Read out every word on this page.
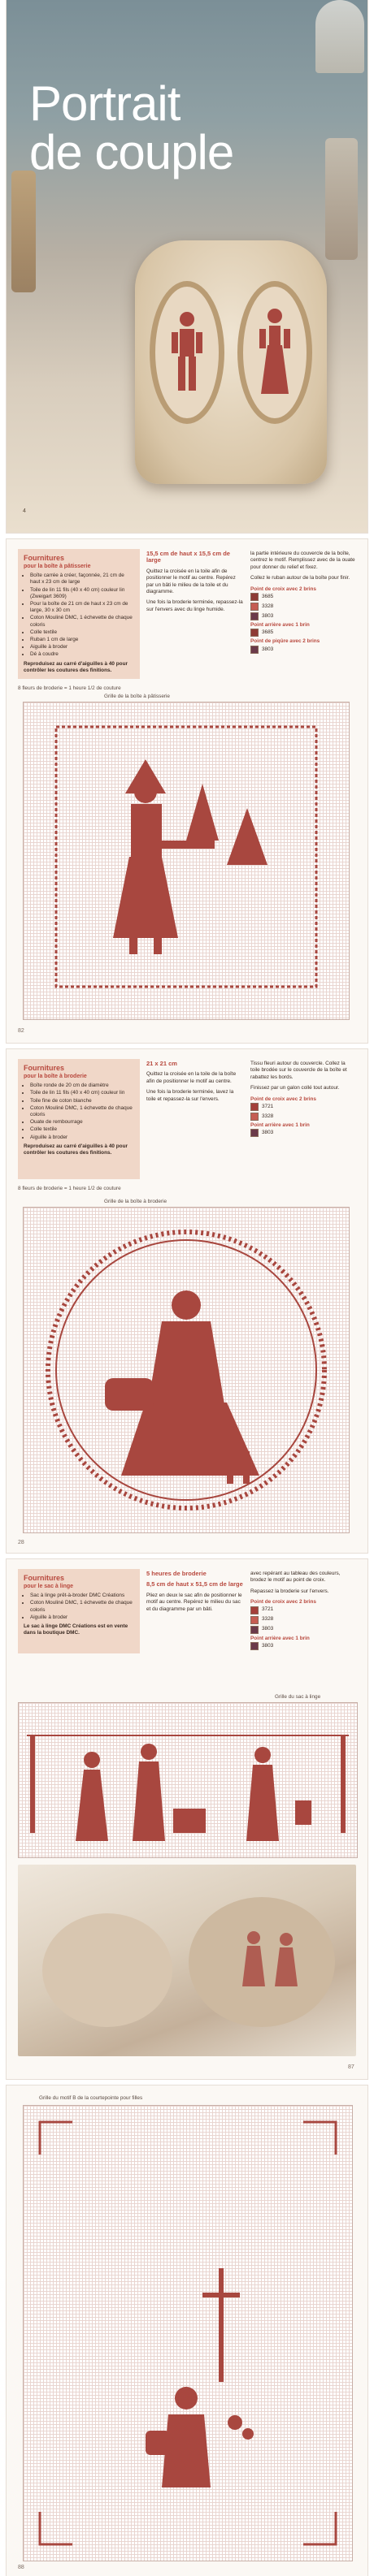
Portrait
de couple
4
Fournitures
pour la boîte à pâtisserie
• Boîte carrée à créer, façonnée, 21 cm de haut x 23 cm de large
• Toile de lin 11 fils (40 x 40 cm) couleur lin (Zweigart 3609)
• Pour la boîte de 21 cm de haut x 23 cm de large, 30 x 30 cm
• Coton Mouliné DMC, 1 échevette de chaque coloris
• Colle textile
• Ruban 1 cm de large
• Aiguille à broder
• Dé à coudre
Reproduisez au carré d'aiguilles à 40 pour contrôler les coutures des finitions.

15,5 cm de haut x 15,5 cm de large

Quittez la croisée en la toile afin de positionner le motif au centre. Repérez par un bâti le milieu de la toile et du diagramme.

Une fois la broderie terminée, repassez-la sur l'envers avec du linge humide.

la partie intérieure du couvercle de la boîte, centrez le motif. Remplissez avec de la ouate pour donner du relief et fixez.

Collez le ruban autour de la boîte pour finir.

Point de croix avec 2 brins
3685
3328
3803
Point arrière avec 1 brin
3685
Point de piqûre avec 2 brins
3803
8 fleurs de broderie = 1 heure 1/2 de couture
Grille de la boîte à pâtisserie
82
Fournitures
pour la boîte à broderie
• Boîte ronde de 20 cm de diamètre
• Toile de lin 11 fils (40 x 40 cm) couleur lin
• Toile fine de coton blanche
• Coton Mouliné DMC, 1 échevette de chaque coloris
• Ouate de rembourrage
• Colle textile
• Aiguille à broder
Reproduisez au carré d'aiguilles à 40 pour contrôler les coutures des finitions.

21 x 21 cm

Quittez la croisée en la toile de la boîte afin de positionner le motif au centre.

Une fois la broderie terminée, lavez la toile et repassez-la sur l'envers.

Tissu fleuri autour du couvercle. Collez la toile brodée sur le couvercle de la boîte et rabattez les bords.

Finissez par un galon collé tout autour.

Point de croix avec 2 brins
3721
3328
Point arrière avec 1 brin
3803
8 fleurs de broderie = 1 heure 1/2 de couture
Grille de la boîte à broderie
28
Fournitures
pour le sac à linge
• Sac à linge prêt-à-broder DMC Créations
• Coton Mouliné DMC, 1 échevette de chaque coloris
• Aiguille à broder
Le sac à linge DMC Créations est en vente dans la boutique DMC.

5 heures de broderie

8,5 cm de haut x 51,5 cm de large

Pliez en deux le sac afin de positionner le motif au centre. Repérez le milieu du sac et du diagramme par un bâti.

avec repérant au tableau des couleurs, brodez le motif au point de croix.

Repassez la broderie sur l'envers.

Point de croix avec 2 brins
3721
3328
3803
Point arrière avec 1 brin
3803
Grille du sac à linge
87
Grille du motif B de la courtepointe pour filles
88
